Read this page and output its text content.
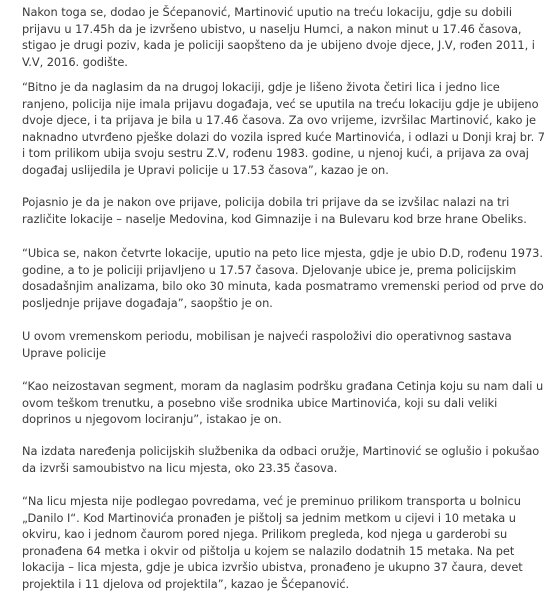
Nakon toga se, dodao je Šćepanović, Martinović uputio na treću lokaciju, gdje su dobili prijavu u 17.45h da je izvršeno ubistvo, u naselju Humci, a nakon minut u 17.46 časova, stigao je drugi poziv, kada je policiji saopšteno da je ubijeno dvoje djece, J.V, rođen 2011, i V.V, 2016. godište.

“Bitno je da naglasim da na drugoj lokaciji, gdje je lišeno života četiri lica i jedno lice ranjeno, policija nije imala prijavu događaja, već se uputila na treću lokaciju gdje je ubijeno dvoje djece, i ta prijava je bila u 17.46 časova. Za ovo vrijeme, izvršilac Martinović, kako je naknadno utvrđeno pješke dolazi do vozila ispred kuće Martinovića, i odlazi u Donji kraj br. 7 i tom prilikom ubija svoju sestru Z.V, rođenu 1983. godine, u njenoj kući, a prijava za ovaj događaj uslijedila je Upravi policije u 17.53 časova”, kazao je on.

Pojasnio je da je nakon ove prijave, policija dobila tri prijave da se izvšilac nalazi na tri različite lokacije – naselje Medovina, kod Gimnazije i na Bulevaru kod brze hrane Obeliks.

“Ubica se, nakon četvrte lokacije, uputio na peto lice mjesta, gdje je ubio D.D, rođenu 1973. godine, a to je policiji prijavljeno u 17.57 časova. Djelovanje ubice je, prema policijskim dosadašnjim analizama, bilo oko 30 minuta, kada posmatramo vremenski period od prve do posljednje prijave događaja”, saopštio je on.

U ovom vremenskom periodu, mobilisan je najveći raspoloživi dio operativnog sastava Uprave policije

“Kao neizostavan segment, moram da naglasim podršku građana Cetinja koju su nam dali u ovom teškom trenutku, a posebno više srodnika ubice Martinovića, koji su dali veliki doprinos u njegovom lociranju”, istakao je on.

Na izdata naređenja policijskih službenika da odbaci oružje, Martinović se oglušio i pokušao da izvrši samoubistvo na licu mjesta, oko 23.35 časova.

“Na licu mjesta nije podlegao povredama, već je preminuo prilikom transporta u bolnicu „Danilo I“. Kod Martinovića pronađen je pištolj sa jednim metkom u cijevi i 10 metaka u okviru, kao i jednom čaurom pored njega. Prilikom pregleda, kod njega u garderobi su pronađena 64 metka i okvir od pištolja u kojem se nalazilo dodatnih 15 metaka. Na pet lokacija – lica mjesta, gdje je ubica izvršio ubistva, pronađeno je ukupno 37 čaura, devet projektila i 11 djelova od projektila”, kazao je Šćepanović.
